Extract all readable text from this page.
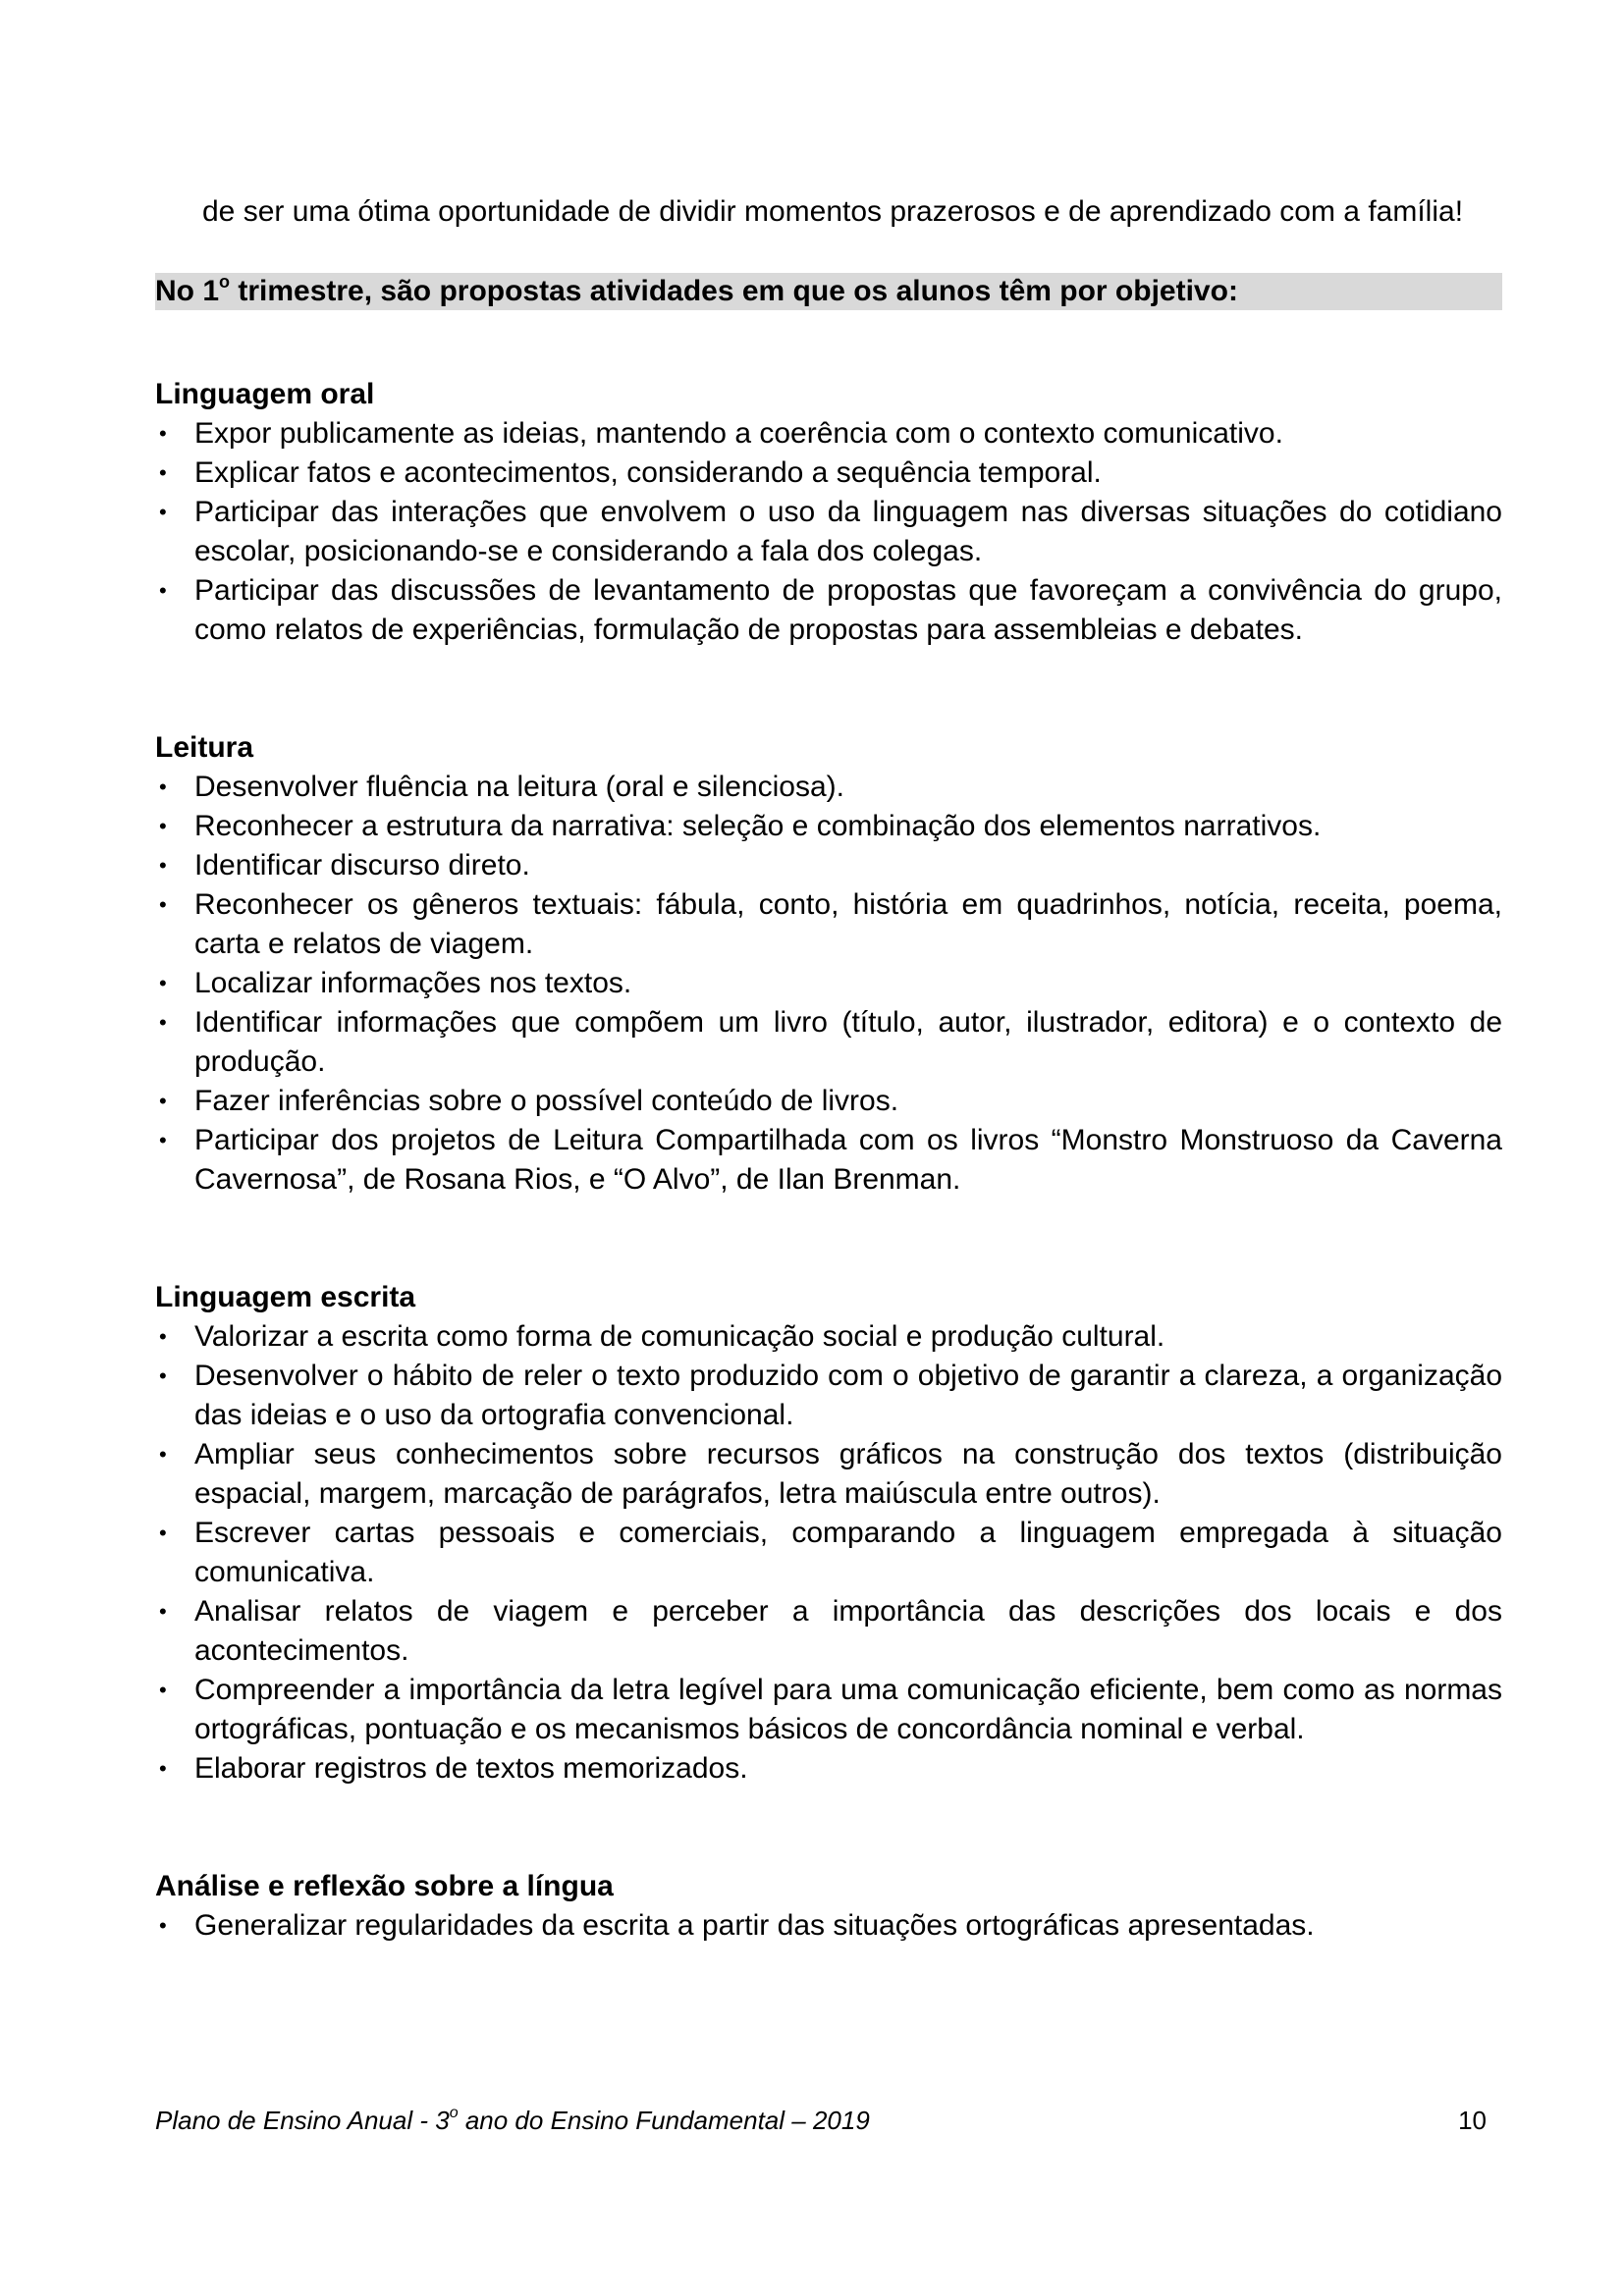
de ser uma ótima oportunidade de dividir momentos prazerosos e de aprendizado com a família!

No 1$^o$ trimestre, são propostas atividades em que os alunos têm por objetivo:

Linguagem oral

• Expor publicamente as ideias, mantendo a coerência com o contexto comunicativo.
• Explicar fatos e acontecimentos, considerando a sequência temporal.
• Participar das interações que envolvem o uso da linguagem nas diversas situações do cotidiano escolar, posicionando-se e considerando a fala dos colegas.
• Participar das discussões de levantamento de propostas que favoreçam a convivência do grupo, como relatos de experiências, formulação de propostas para assembleias e debates.

Leitura

• Desenvolver fluência na leitura (oral e silenciosa).
• Reconhecer a estrutura da narrativa: seleção e combinação dos elementos narrativos.
• Identificar discurso direto.
• Reconhecer os gêneros textuais: fábula, conto, história em quadrinhos, notícia, receita, poema, carta e relatos de viagem.
• Localizar informações nos textos.
• Identificar informações que compõem um livro (título, autor, ilustrador, editora) e o contexto de produção.
• Fazer inferências sobre o possível conteúdo de livros.
• Participar dos projetos de Leitura Compartilhada com os livros “Monstro Monstruoso da Caverna Cavernosa”, de Rosana Rios, e “O Alvo”, de Ilan Brenman.

Linguagem escrita

• Valorizar a escrita como forma de comunicação social e produção cultural.
• Desenvolver o hábito de reler o texto produzido com o objetivo de garantir a clareza, a organização das ideias e o uso da ortografia convencional.
• Ampliar seus conhecimentos sobre recursos gráficos na construção dos textos (distribuição espacial, margem, marcação de parágrafos, letra maiúscula entre outros).
• Escrever cartas pessoais e comerciais, comparando a linguagem empregada à situação comunicativa.
• Analisar relatos de viagem e perceber a importância das descrições dos locais e dos acontecimentos.
• Compreender a importância da letra legível para uma comunicação eficiente, bem como as normas ortográficas, pontuação e os mecanismos básicos de concordância nominal e verbal.
• Elaborar registros de textos memorizados.

Análise e reflexão sobre a língua

• Generalizar regularidades da escrita a partir das situações ortográficas apresentadas.
Plano de Ensino Anual - 3$^o$ ano do Ensino Fundamental – 2019	10
